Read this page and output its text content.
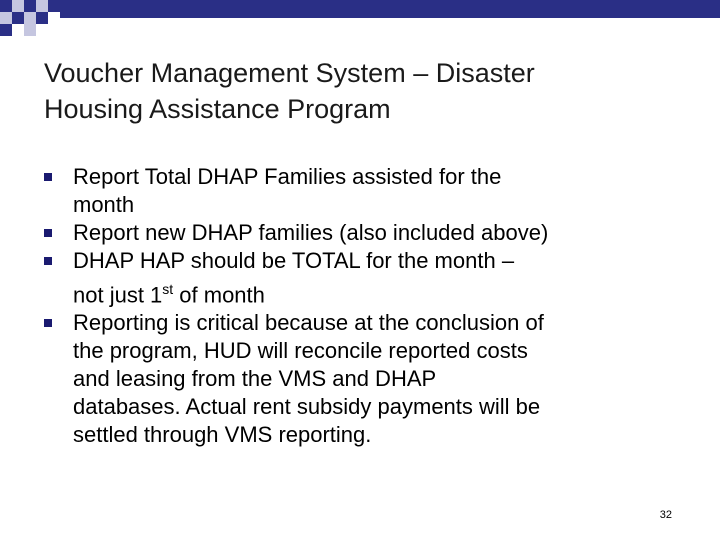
Voucher Management System – Disaster
Housing Assistance Program
Report Total DHAP Families assisted for the
month
Report new DHAP families (also included above)
DHAP HAP should be TOTAL for the month –
not just 1st of month
Reporting is critical because at the conclusion of
the program, HUD will reconcile reported costs
and leasing from the VMS and DHAP
databases. Actual rent subsidy payments will be
settled through VMS reporting.
32
